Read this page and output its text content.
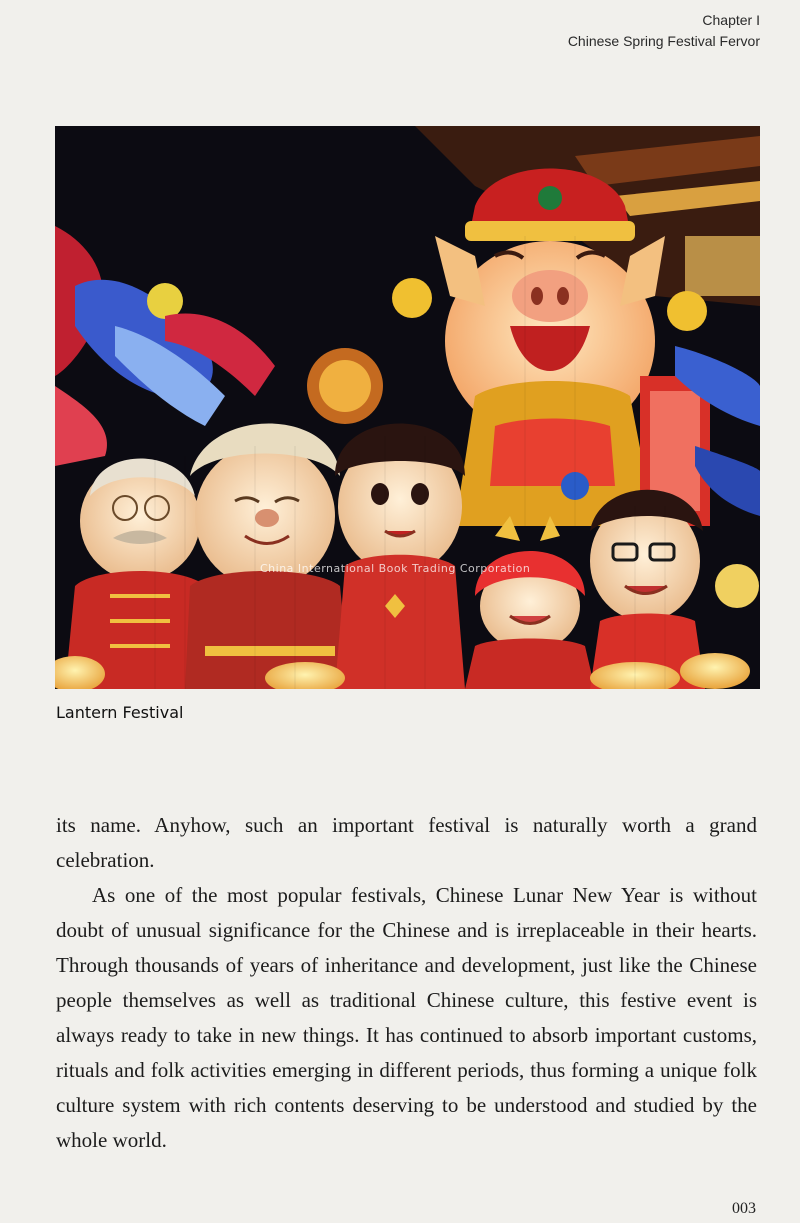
Chapter I
Chinese Spring Festival Fervor
China International Book Trading Corporation
Lantern Festival

its name. Anyhow, such an important festival is naturally worth a grand celebration.

As one of the most popular festivals, Chinese Lunar New Year is without doubt of unusual significance for the Chinese and is irreplaceable in their hearts. Through thousands of years of inheritance and development, just like the Chinese people themselves as well as traditional Chinese culture, this festive event is always ready to take in new things. It has continued to absorb important customs, rituals and folk activities emerging in different periods, thus forming a unique folk culture system with rich contents deserving to be understood and studied by the whole world.

003
